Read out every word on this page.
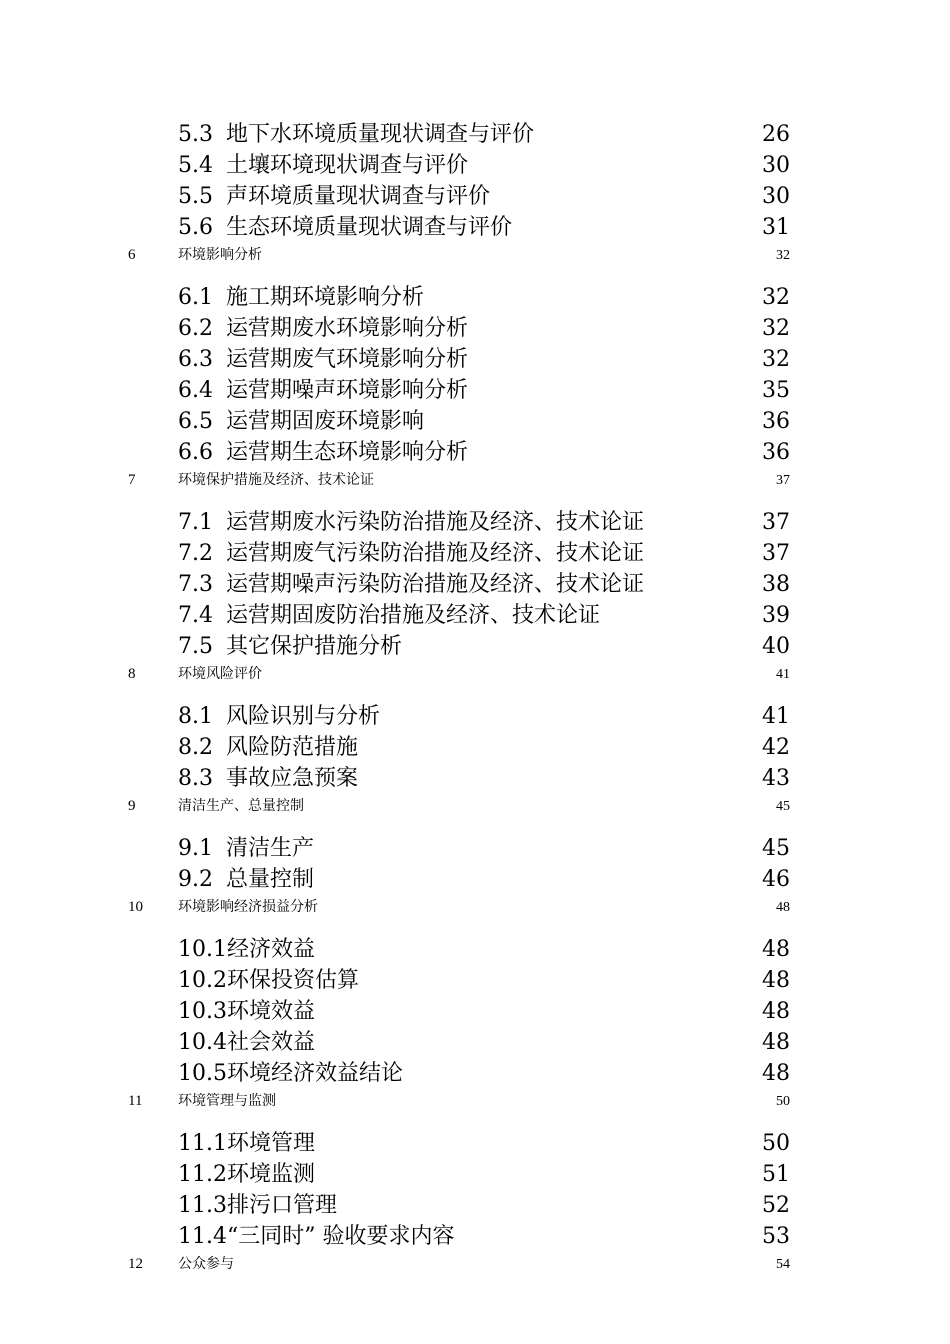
5.3 地下水环境质量现状调查与评价	26
5.4 土壤环境现状调查与评价	30
5.5 声环境质量现状调查与评价	30
5.6 生态环境质量现状调查与评价	31
6	环境影响分析	32
6.1 施工期环境影响分析	32
6.2 运营期废水环境影响分析	32
6.3 运营期废气环境影响分析	32
6.4 运营期噪声环境影响分析	35
6.5 运营期固废环境影响	36
6.6 运营期生态环境影响分析	36
7	环境保护措施及经济、技术论证	37
7.1 运营期废水污染防治措施及经济、技术论证	37
7.2 运营期废气污染防治措施及经济、技术论证	37
7.3 运营期噪声污染防治措施及经济、技术论证	38
7.4 运营期固废防治措施及经济、技术论证	39
7.5 其它保护措施分析	40
8	环境风险评价	41
8.1 风险识别与分析	41
8.2 风险防范措施	42
8.3 事故应急预案	43
9	清洁生产、总量控制	45
9.1 清洁生产	45
9.2 总量控制	46
10	环境影响经济损益分析	48
10.1 经济效益	48
10.2 环保投资估算	48
10.3 环境效益	48
10.4 社会效益	48
10.5 环境经济效益结论	48
11	环境管理与监测	50
11.1 环境管理	50
11.2 环境监测	51
11.3 排污口管理	52
11.4 “三同时” 验收要求内容	53
12	公众参与	54
